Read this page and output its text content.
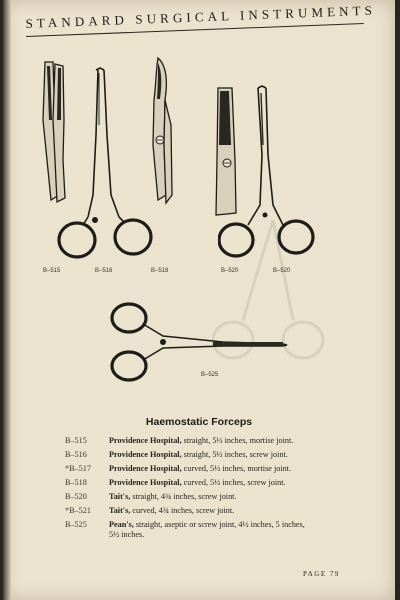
STANDARD SURGICAL INSTRUMENTS
B–515	B–516	B–518	B–520	B–520
B–525
Haemostatic Forceps
B–515	Providence Hospital, straight, 5½ inches, mortise joint.
B–516	Providence Hospital, straight, 5½ inches, screw joint.
*B–517	Providence Hospital, curved, 5½ inches, mortise joint.
B–518	Providence Hospital, curved, 5½ inches, screw joint.
B–520	Tait's, straight, 4¾ inches, screw joint.
*B–521	Tait's, curved, 4¾ inches, screw joint.
B–525	Pean's, straight, aseptic or screw joint, 4½ inches, 5 inches, 5½ inches.
PAGE 79
